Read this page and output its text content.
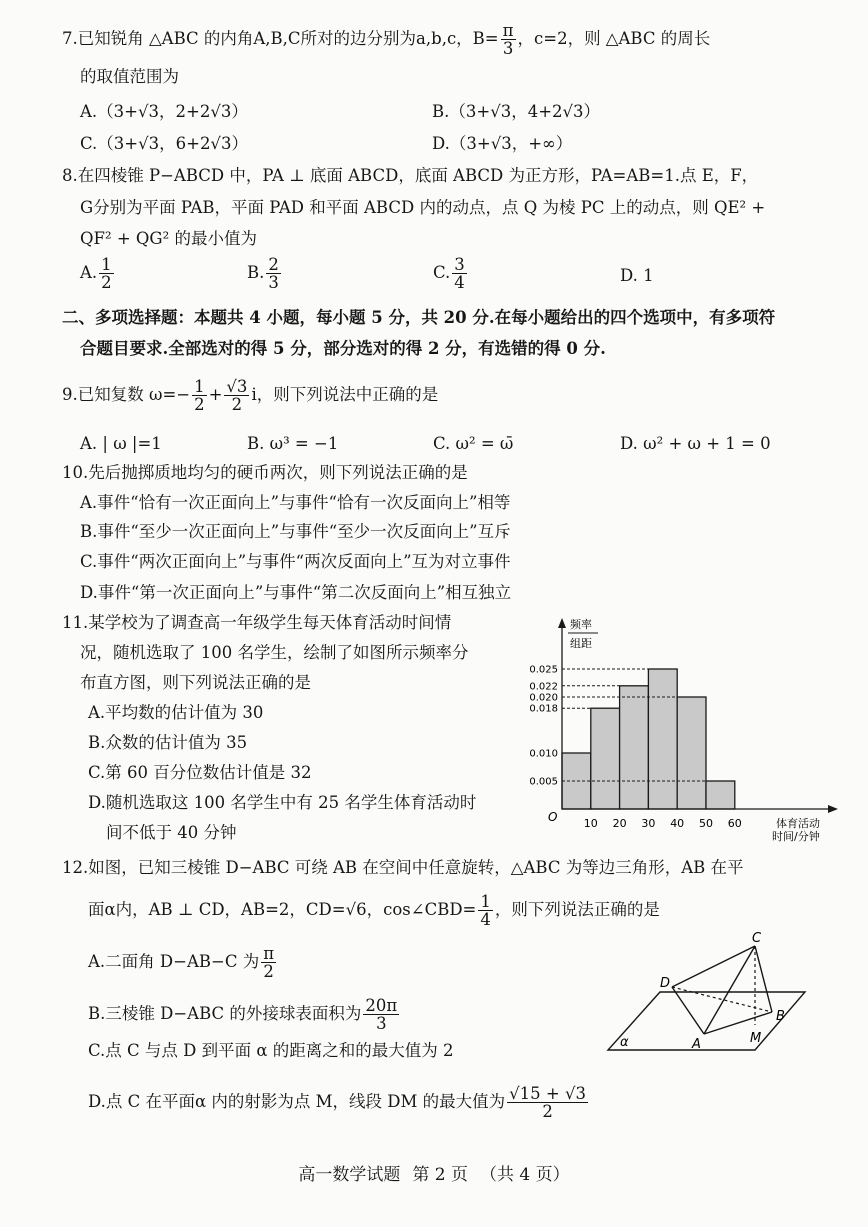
7.已知锐角 △ABC 的内角A,B,C所对的边分别为a,b,c，$B= \frac{\pi}{3}$ ，c=2，则 △ABC 的周长
的取值范围为
A.（3+√3，2+2√3）	B.（3+√3，4+2√3）
C.（3+√3，6+2√3）	D.（3+√3，+∞）
8.在四棱锥 P−ABCD 中，PA ⊥ 底面 ABCD，底面 ABCD 为正方形，PA=AB=1.点 E，F，
G分别为平面 PAB，平面 PAD 和平面 ABCD 内的动点，点 Q 为棱 PC 上的动点，则 QE² +
QF² + QG² 的最小值为
A. $\frac{1}{2}$	B. $\frac{2}{3}$	C. $\frac{3}{4}$	D. 1
二、多项选择题：本题共 4 小题，每小题 5 分，共 20 分.在每小题给出的四个选项中，有多项符
合题目要求.全部选对的得 5 分，部分选对的得 2 分，有选错的得 0 分.
9.已知复数 $\omega=- \frac{1}{2} + \frac{√3}{2}$ i，则下列说法中正确的是
A. | ω |=1	B. ω³ = −1	C. ω² = ω̄	D. ω² + ω + 1 = 0
10.先后抛掷质地均匀的硬币两次，则下列说法正确的是
A.事件“恰有一次正面向上”与事件“恰有一次反面向上”相等
B.事件“至少一次正面向上”与事件“至少一次反面向上”互斥
C.事件“两次正面向上”与事件“两次反面向上”互为对立事件
D.事件“第一次正面向上”与事件“第二次反面向上”相互独立
11.某学校为了调查高一年级学生每天体育活动时间情
况，随机选取了 100 名学生，绘制了如图所示频率分
布直方图，则下列说法正确的是
A.平均数的估计值为 30
B.众数的估计值为 35
C.第 60 百分位数估计值是 32
D.随机选取这 100 名学生中有 25 名学生体育活动时
间不低于 40 分钟
0.025
0.022
0.020
0.018
0.010
0.005
10 20 30 40 50 60
O
频率
组距
体育活动
时间/分钟
12.如图，已知三棱锥 D−ABC 可绕 AB 在空间中任意旋转，△ABC 为等边三角形，AB 在平
面α内，AB ⊥ CD，AB=2，CD=√6，cos∠CBD= $\frac{1}{4}$ ，则下列说法正确的是
A.二面角 D−AB−C 为 $\frac{\pi}{2}$
B.三棱锥 D−ABC 的外接球表面积为 $\frac{20\pi}{3}$
C.点 C 与点 D 到平面 α 的距离之和的最大值为 2
D.点 C 在平面α 内的射影为点 M，线段 DM 的最大值为 $\frac{√15 + √3}{2}$
C
D
B
A	M
α
高一数学试题 第 2 页 （共 4 页）
